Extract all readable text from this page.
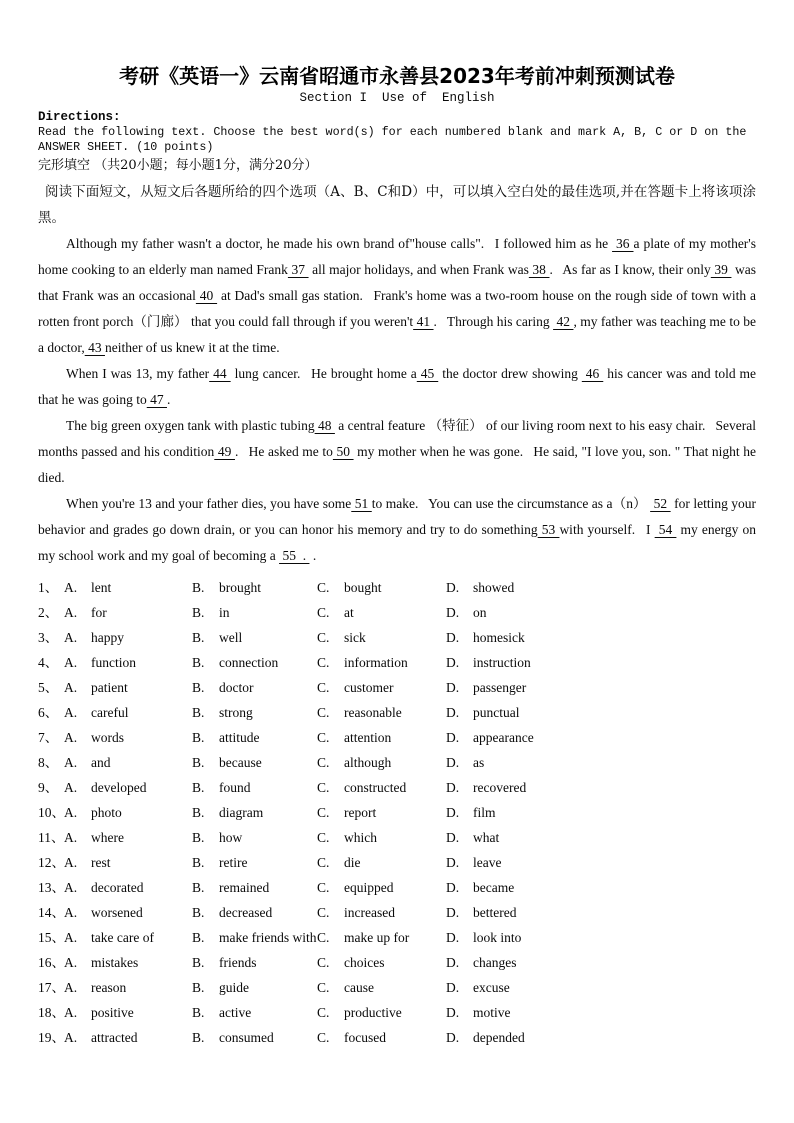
考研《英语一》云南省昭通市永善县2023年考前冲刺预测试卷
Section I  Use of  English
Directions:
Read the following text. Choose the best word(s) for each numbered blank and mark A, B, C or D on the
ANSWER SHEET. (10 points)
完形填空 （共20小题；每小题1分，满分20分）
阅读下面短文，从短文后各题所给的四个选项（A、B、C和D）中，可以填入空白处的最佳选项,并在答题卡上将该项涂黑。

Although my father wasn't a doctor, he made his own brand of"house calls".  I followed him as he  36 a plate of my mother's home cooking to an elderly man named Frank 37  all major holidays, and when Frank was 38 .  As far as I know, their only 39  was that Frank was an occasional 40  at Dad's small gas station.  Frank's home was a two-room house on the rough side of town with a rotten front porch（门廊） that you could fall through if you weren't 41 .  Through his caring  42 , my father was teaching me to be a doctor, 43 neither of us knew it at the time.

When I was 13, my father 44  lung cancer.  He brought home a 45  the doctor drew showing  46  his cancer was and told me that he was going to 47 .

The big green oxygen tank with plastic tubing 48  a central feature （特征） of our living room next to his easy chair.  Several months passed and his condition 49 .  He asked me to 50  my mother when he was gone.  He said, "I love you, son. " That night he died.

When you're 13 and your father dies, you have some 51 to make.  You can use the circumstance as a（n）  52  for letting your behavior and grades go down drain, or you can honor his memory and try to do something 53 with yourself.  I  54  my energy on my school work and my goal of becoming a  55  .  .

1、 A. lent	B. brought	C. bought	D. showed
2、 A. for	B. in	C. at	D. on
3、 A. happy	B. well	C. sick	D. homesick
4、 A. function	B. connection	C. information	D. instruction
5、 A. patient	B. doctor	C. customer	D. passenger
6、 A. careful	B. strong	C. reasonable	D. punctual
7、 A. words	B. attitude	C. attention	D. appearance
8、 A. and	B. because	C. although	D. as
9、 A. developed	B. found	C. constructed	D. recovered
10、 A. photo	B. diagram	C. report	D. film
11、 A. where	B. how	C. which	D. what
12、 A. rest	B. retire	C. die	D. leave
13、 A. decorated	B. remained	C. equipped	D. became
14、 A. worsened	B. decreased	C. increased	D. bettered
15、 A. take care of	B. make friends with C. make up for	D. look into
16、 A. mistakes	B. friends	C. choices	D. changes
17、 A. reason	B. guide	C. cause	D. excuse
18、 A. positive	B. active	C. productive	D. motive
19、 A. attracted	B. consumed	C. focused	D. depended
